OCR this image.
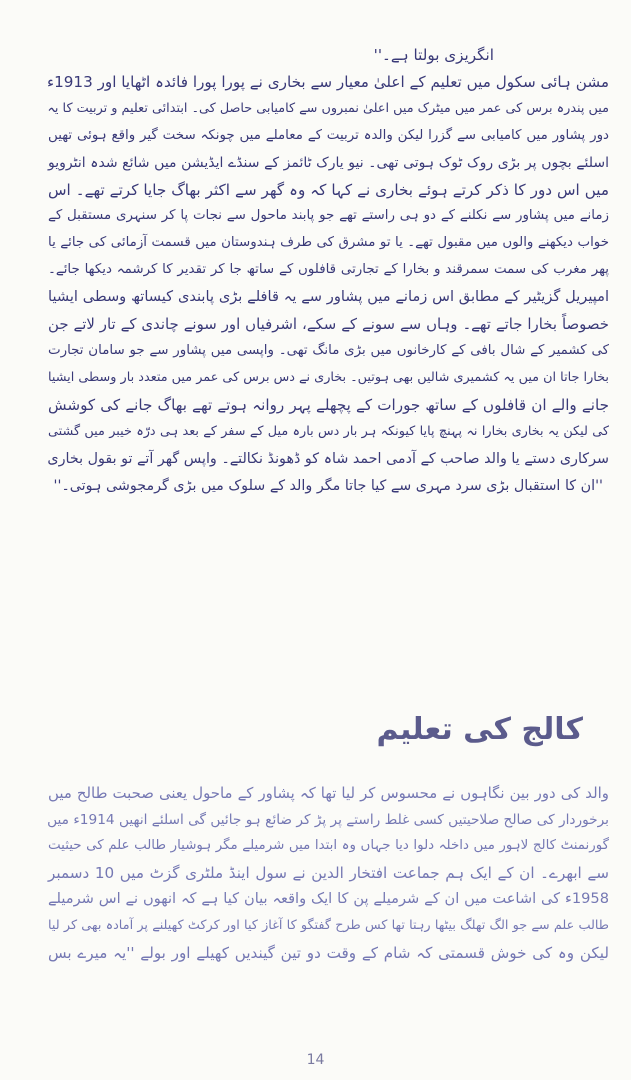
انگریزی بولتا ہے۔''
مشن ہائی سکول میں تعلیم کے اعلیٰ معیار سے بخاری نے پورا پورا فائدہ اٹھایا اور 1913ء
میں پندرہ برس کی عمر میں میٹرک میں اعلیٰ نمبروں سے کامیابی حاصل کی۔ ابتدائی تعلیم و تربیت کا یہ
دور پشاور میں کامیابی سے گزرا لیکن والدہ تربیت کے معاملے میں چونکہ سخت گیر واقع ہوئی تھیں
اسلئے بچوں پر بڑی روک ٹوک ہوتی تھی۔ نیو یارک ٹائمز کے سنڈے ایڈیشن میں شائع شدہ انٹرویو
میں اس دور کا ذکر کرتے ہوئے بخاری نے کہا کہ وہ گھر سے اکثر بھاگ جایا کرتے تھے۔ اس
زمانے میں پشاور سے نکلنے کے دو ہی راستے تھے جو پابند ماحول سے نجات پا کر سنہری مستقبل کے
خواب دیکھنے والوں میں مقبول تھے۔ یا تو مشرق کی طرف ہندوستان میں قسمت آزمائی کی جائے یا
پھر مغرب کی سمت سمرقند و بخارا کے تجارتی قافلوں کے ساتھ جا کر تقدیر کا کرشمہ دیکھا جائے۔
امپیریل گزیٹیر کے مطابق اس زمانے میں پشاور سے یہ قافلے بڑی پابندی کیساتھ وسطی ایشیا
خصوصاً بخارا جاتے تھے۔ وہاں سے سونے کے سکے، اشرفیاں اور سونے چاندی کے تار لاتے جن
کی کشمیر کے شال بافی کے کارخانوں میں بڑی مانگ تھی۔ واپسی میں پشاور سے جو سامان تجارت
بخارا جاتا ان میں یہ کشمیری شالیں بھی ہوتیں۔ بخاری نے دس برس کی عمر میں متعدد بار وسطی ایشیا
جانے والے ان قافلوں کے ساتھ جورات کے پچھلے پہر روانہ ہوتے تھے بھاگ جانے کی کوشش
کی لیکن یہ بخاری بخارا نہ پہنچ پایا کیونکہ ہر بار دس بارہ میل کے سفر کے بعد ہی درّہ خیبر میں گشتی
سرکاری دستے یا والد صاحب کے آدمی احمد شاہ کو ڈھونڈ نکالتے۔ واپس گھر آتے تو بقول بخاری
''ان کا استقبال بڑی سرد مہری سے کیا جاتا مگر والد کے سلوک میں بڑی گرمجوشی ہوتی۔''
کالج کی تعلیم
والد کی دور بین نگاہوں نے محسوس کر لیا تھا کہ پشاور کے ماحول یعنی صحبت طالح میں
برخوردار کی صالح صلاحیتیں کسی غلط راستے پر پڑ کر ضائع ہو جائیں گی اسلئے انھیں 1914ء میں
گورنمنٹ کالج لاہور میں داخلہ دلوا دیا جہاں وہ ابتدا میں شرمیلے مگر ہوشیار طالب علم کی حیثیت
سے ابھرے۔ ان کے ایک ہم جماعت افتخار الدین نے سول اینڈ ملٹری گزٹ میں 10 دسمبر
1958ء کی اشاعت میں ان کے شرمیلے پن کا ایک واقعہ بیان کیا ہے کہ انھوں نے اس شرمیلے
طالب علم سے جو الگ تھلگ بیٹھا رہتا تھا کس طرح گفتگو کا آغاز کیا اور کرکٹ کھیلنے پر آمادہ بھی کر لیا
لیکن وہ کی خوش قسمتی کہ شام کے وقت دو تین گیندیں کھیلے اور بولے ''یہ میرے بس
14
